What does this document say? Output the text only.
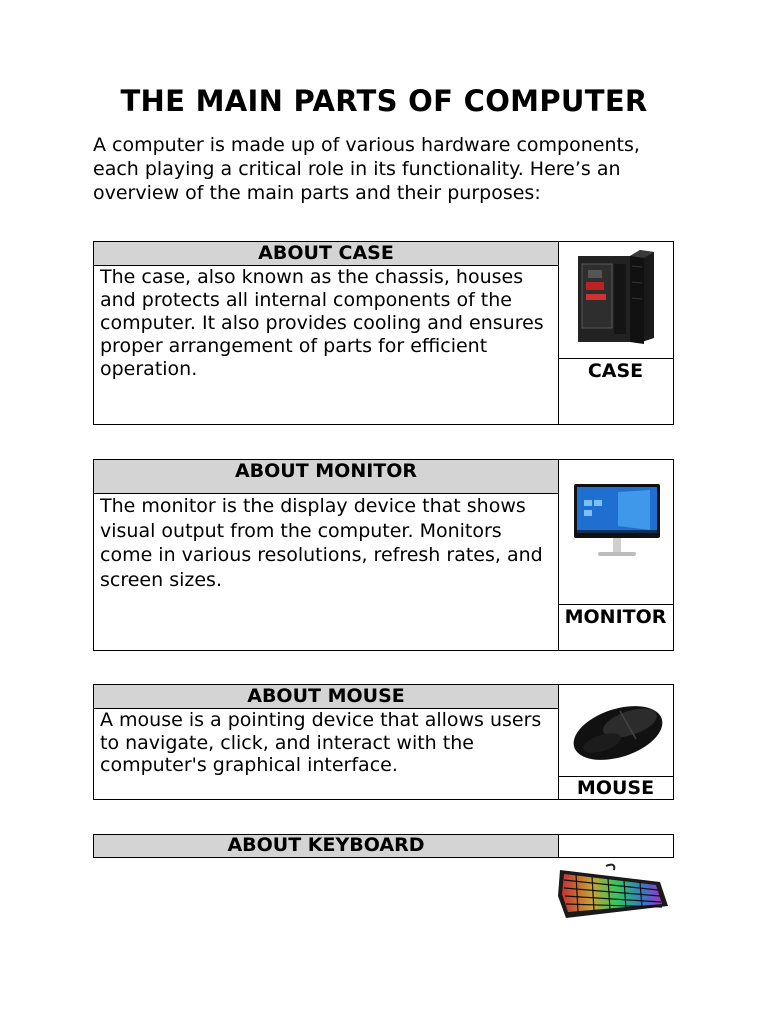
THE MAIN PARTS OF COMPUTER
A computer is made up of various hardware components, each playing a critical role in its functionality. Here’s an overview of the main parts and their purposes:
ABOUT CASE
The case, also known as the chassis, houses and protects all internal components of the computer. It also provides cooling and ensures proper arrangement of parts for efficient operation.	CASE
ABOUT MONITOR
The monitor is the display device that shows visual output from the computer. Monitors come in various resolutions, refresh rates, and screen sizes.
MONITOR
ABOUT MOUSE
A mouse is a pointing device that allows users to navigate, click, and interact with the computer's graphical interface.
MOUSE
ABOUT KEYBOARD
